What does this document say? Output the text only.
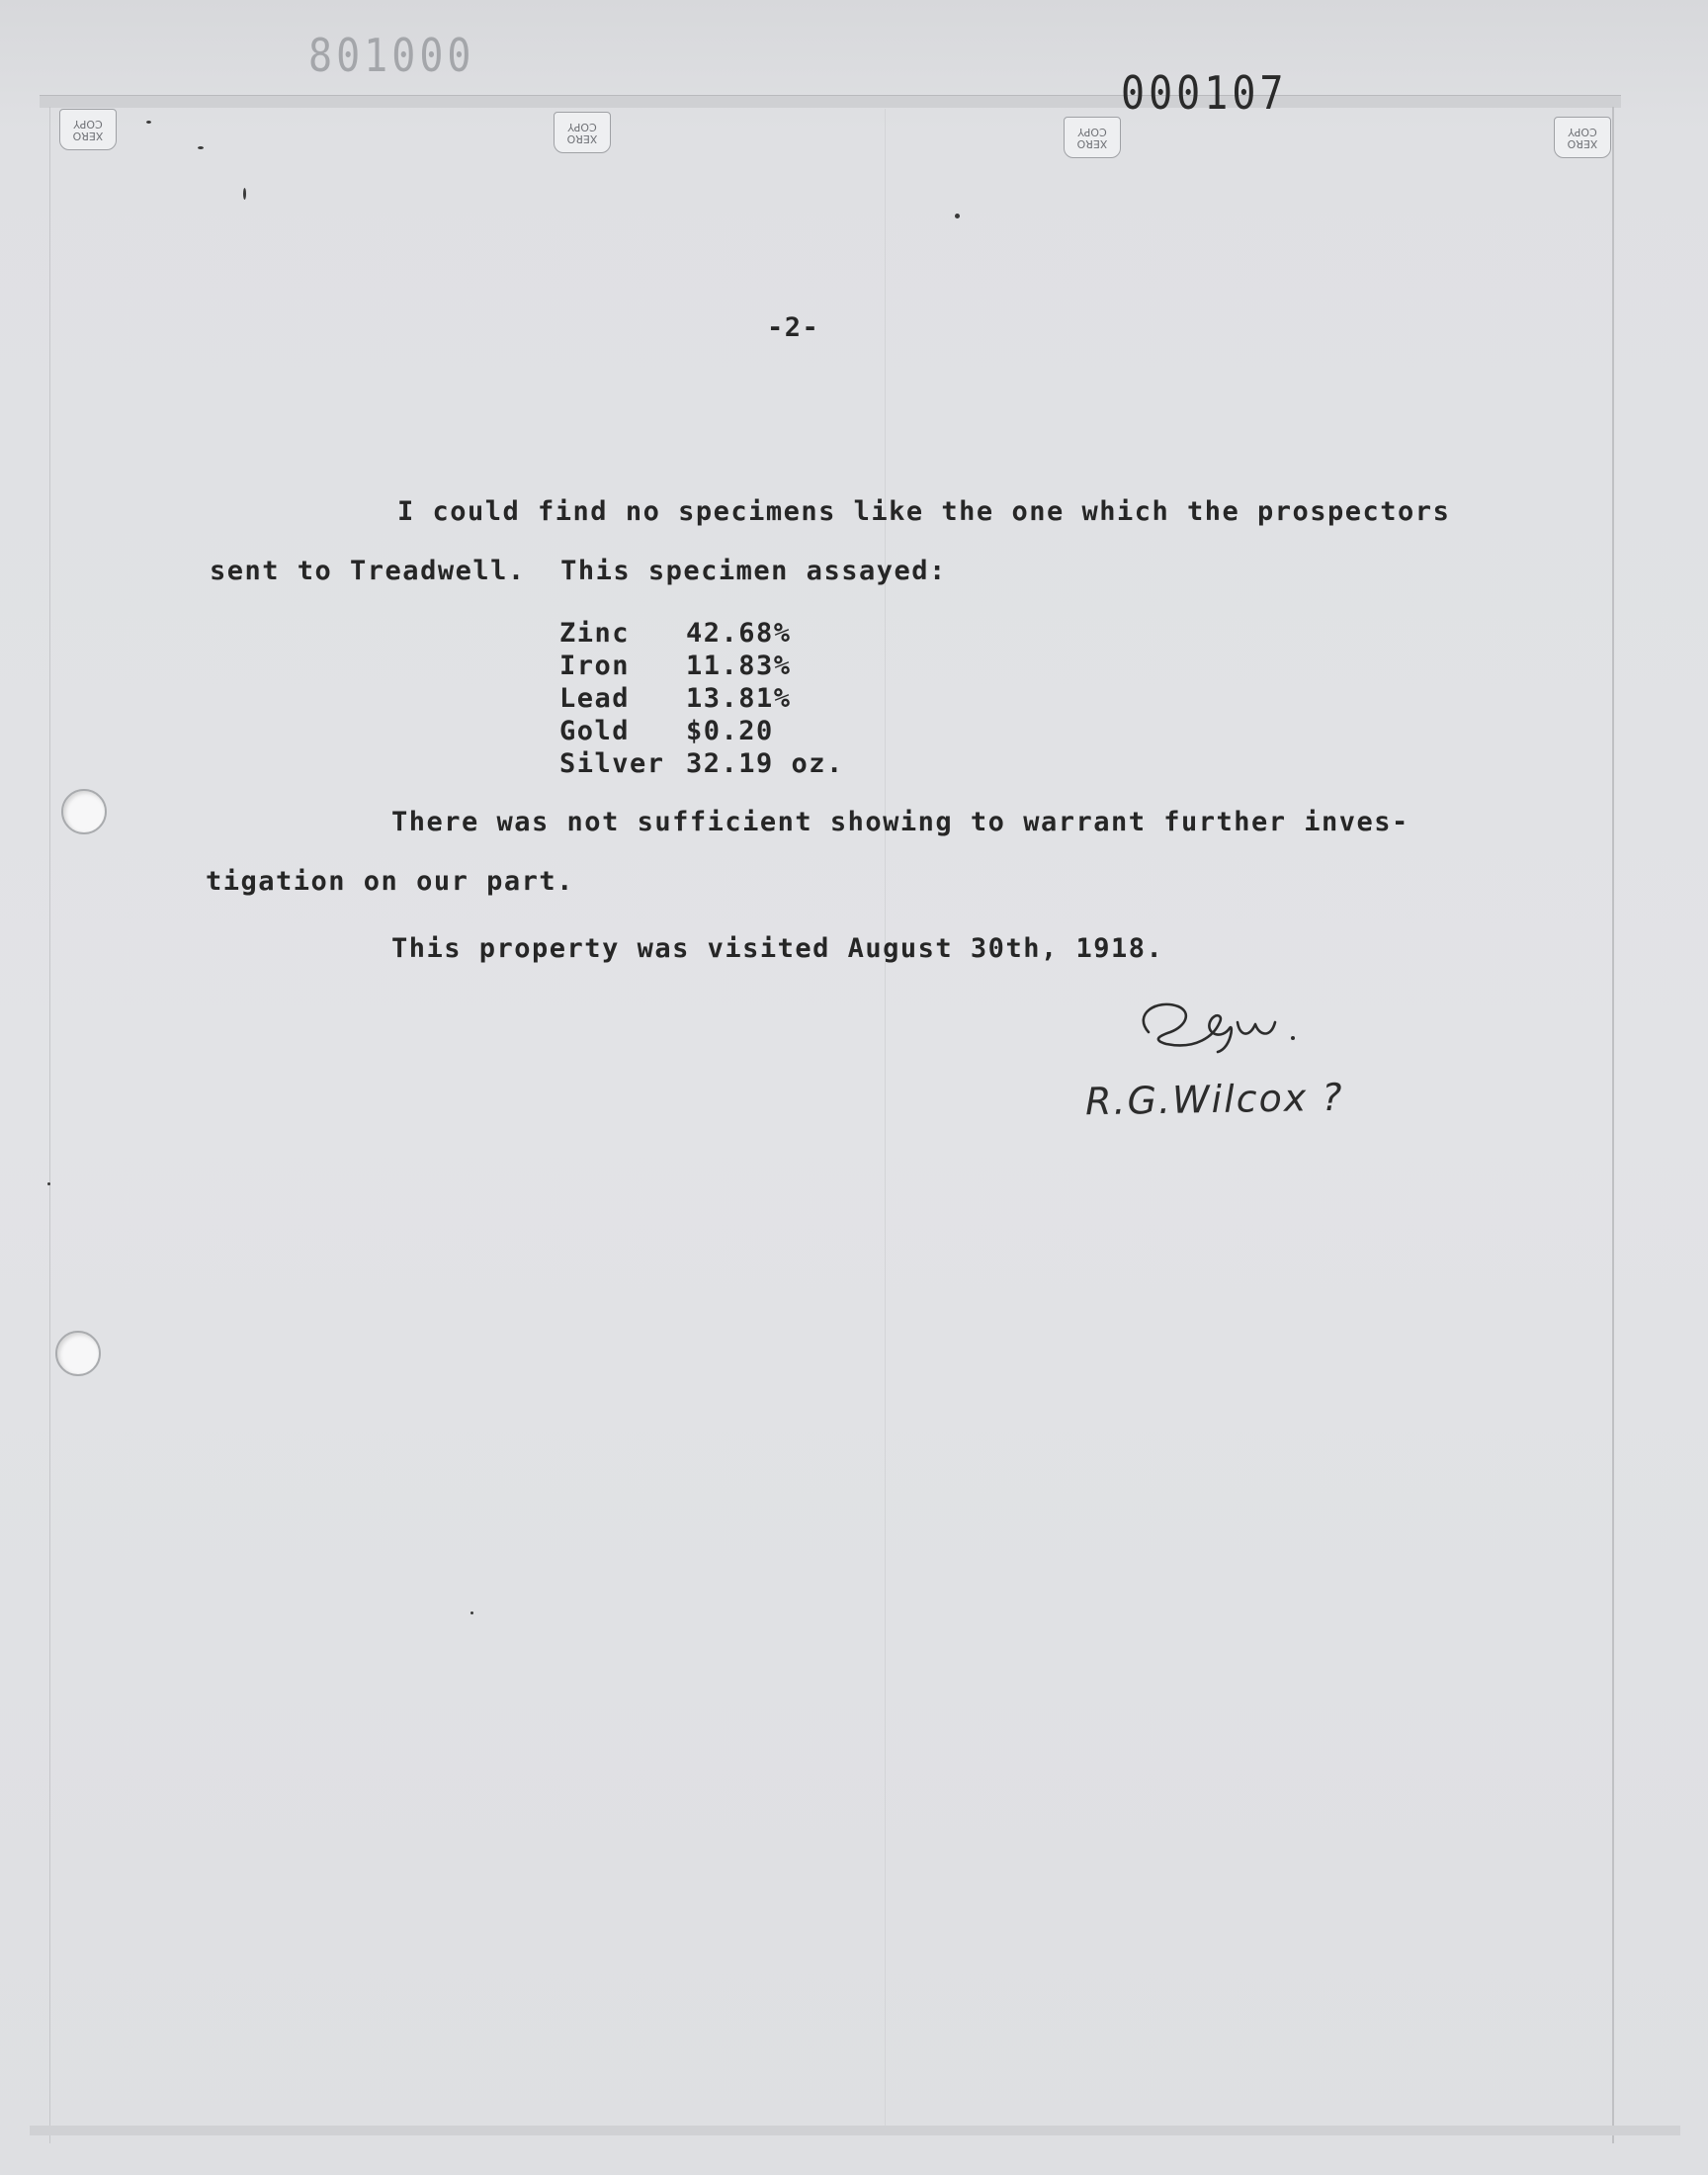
801000
000107
XERO
COPY
XERO
COPY
XERO
COPY
XERO
COPY
-2-
I could find no specimens like the one which the prospectors
sent to Treadwell.  This specimen assayed:
Zinc	42.68%
Iron	11.83%
Lead	13.81%
Gold	$0.20
Silver	32.19 oz.
There was not sufficient showing to warrant further inves-
tigation on our part.
This property was visited August 30th, 1918.
R.G.Wilcox ?
